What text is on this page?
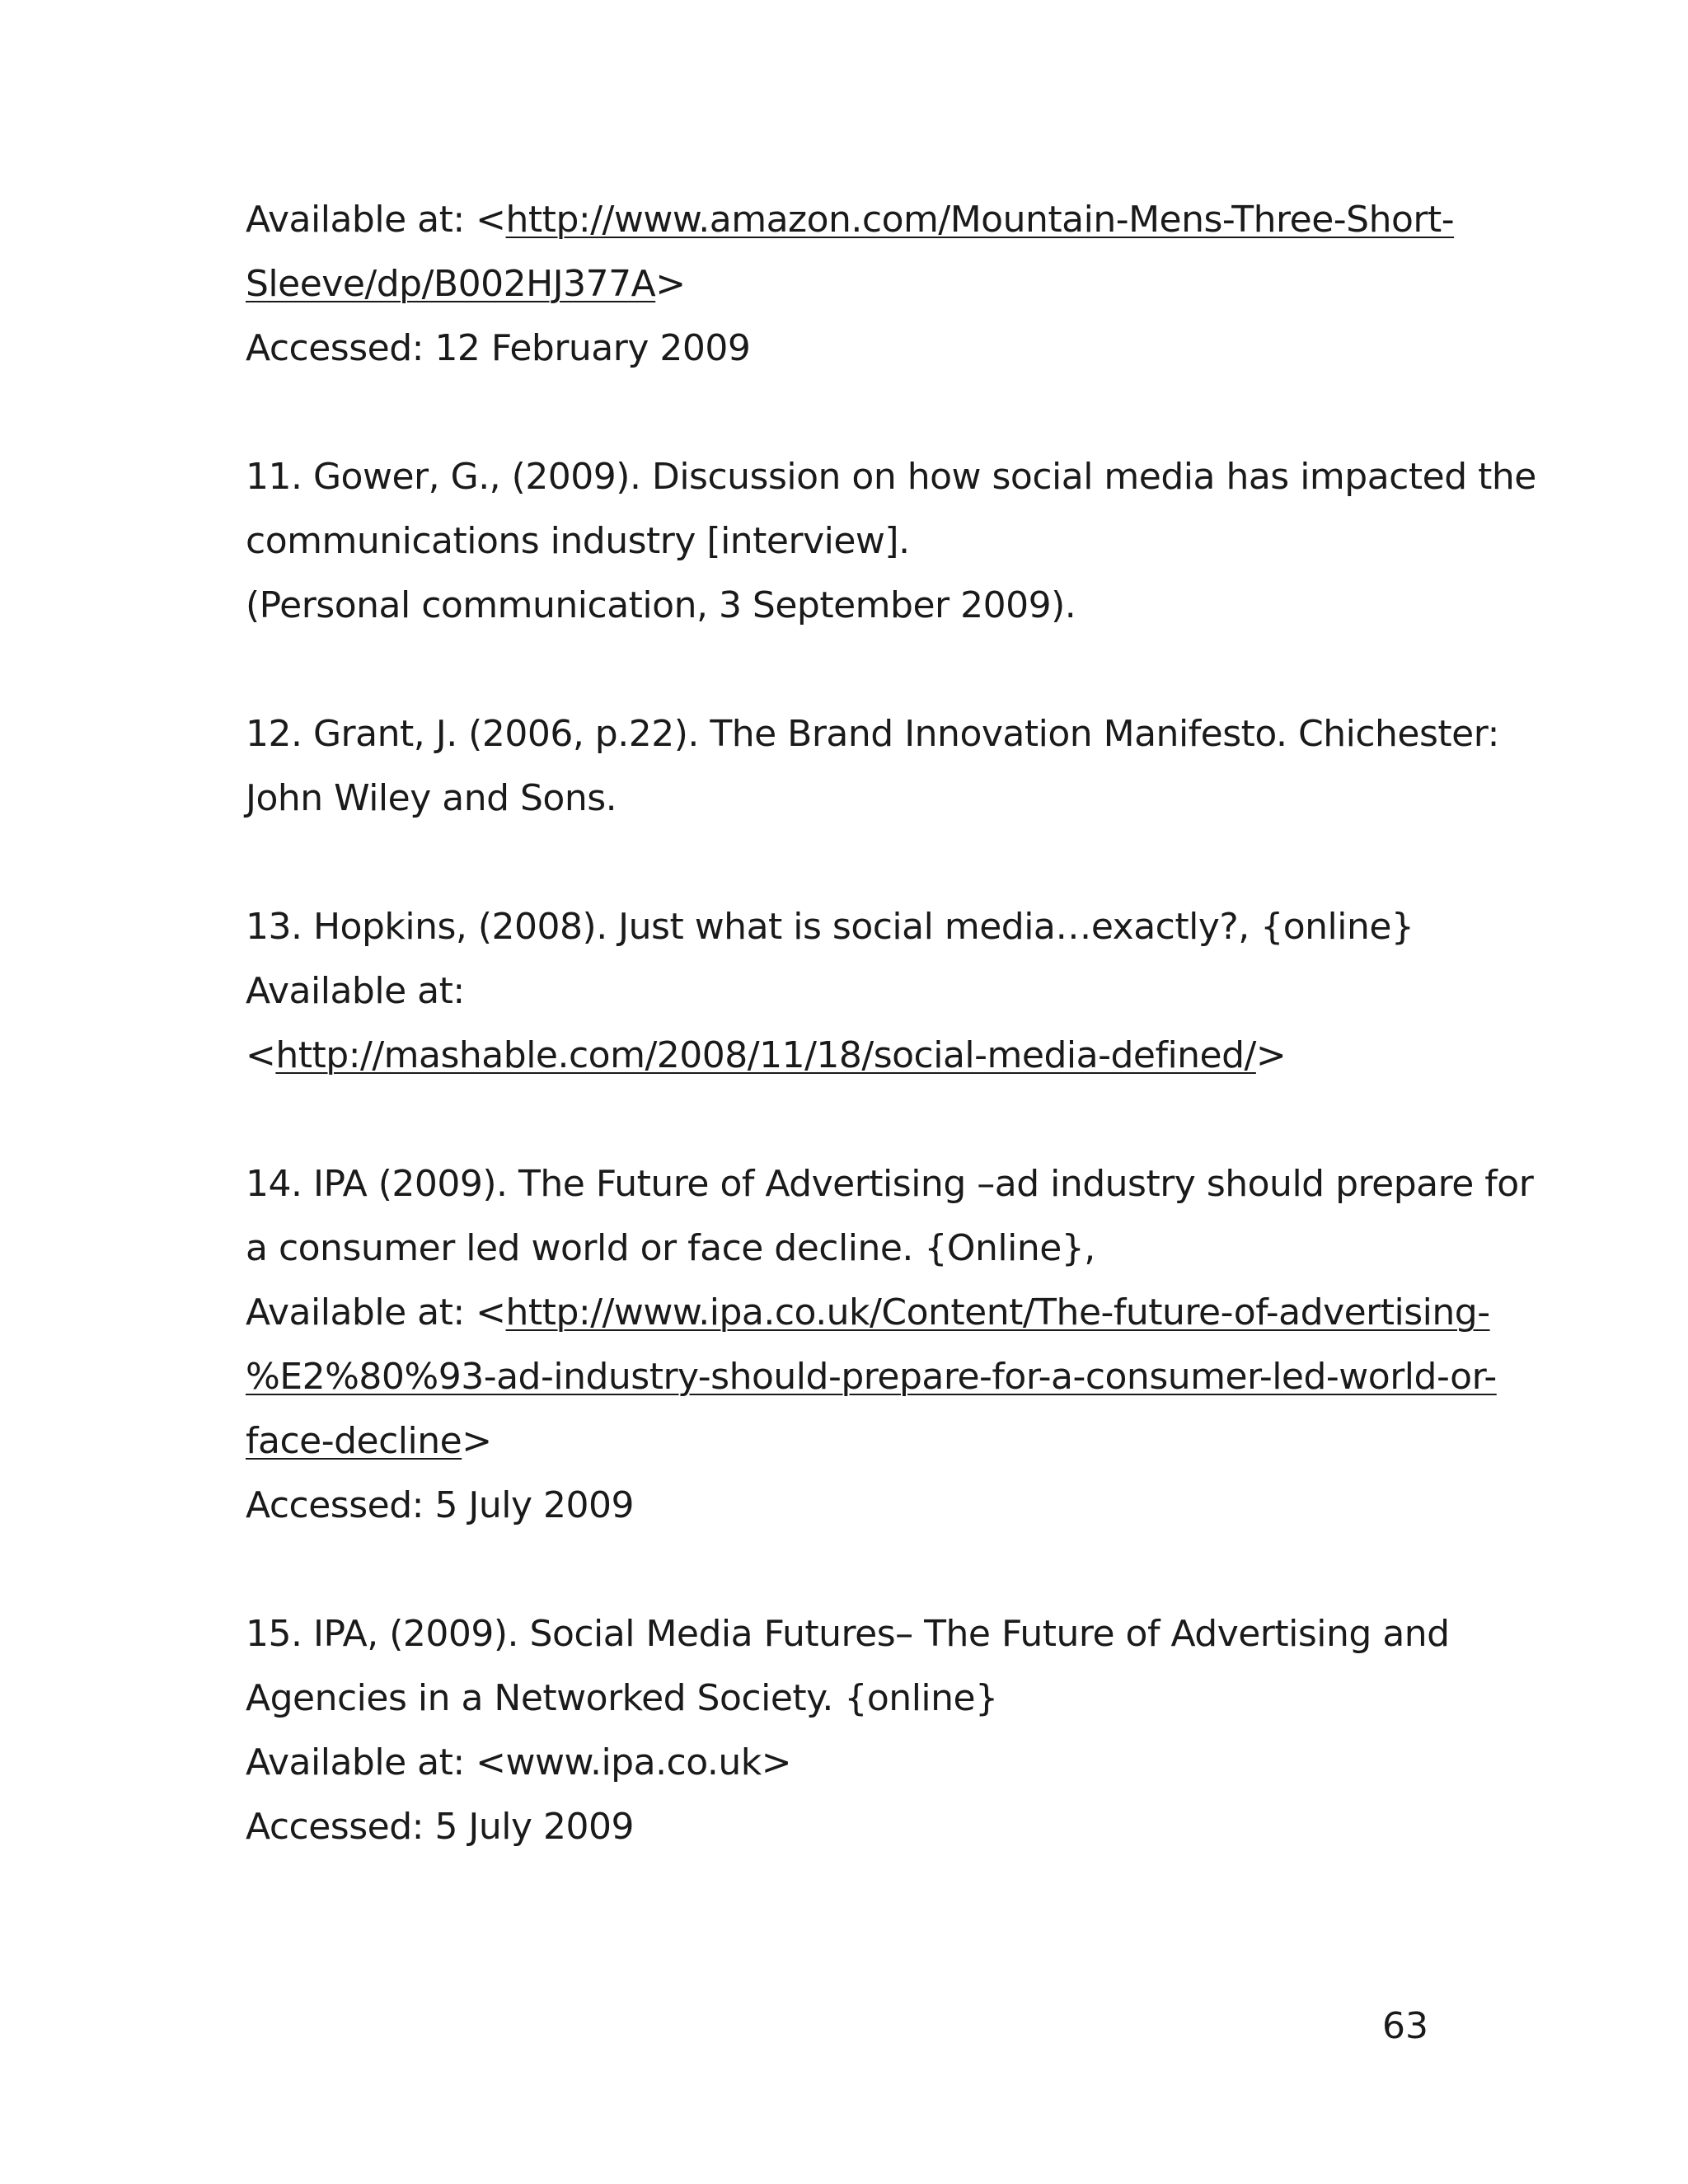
Available at: <http://www.amazon.com/Mountain-Mens-Three-Short-
Sleeve/dp/B002HJ377A>
Accessed: 12 February 2009
11. Gower, G., (2009). Discussion on how social media has impacted the
communications industry [interview].
(Personal communication, 3 September 2009).
12. Grant, J. (2006, p.22). The Brand Innovation Manifesto. Chichester:
John Wiley and Sons.
13. Hopkins, (2008). Just what is social media…exactly?, {online}
Available at:
<http://mashable.com/2008/11/18/social-media-defined/>
14. IPA (2009). The Future of Advertising –ad industry should prepare for
a consumer led world or face decline. {Online},
Available at: <http://www.ipa.co.uk/Content/The-future-of-advertising-
%E2%80%93-ad-industry-should-prepare-for-a-consumer-led-world-or-
face-decline>
Accessed: 5 July 2009
15. IPA, (2009). Social Media Futures– The Future of Advertising and
Agencies in a Networked Society. {online}
Available at: <www.ipa.co.uk>
Accessed: 5 July 2009
63
